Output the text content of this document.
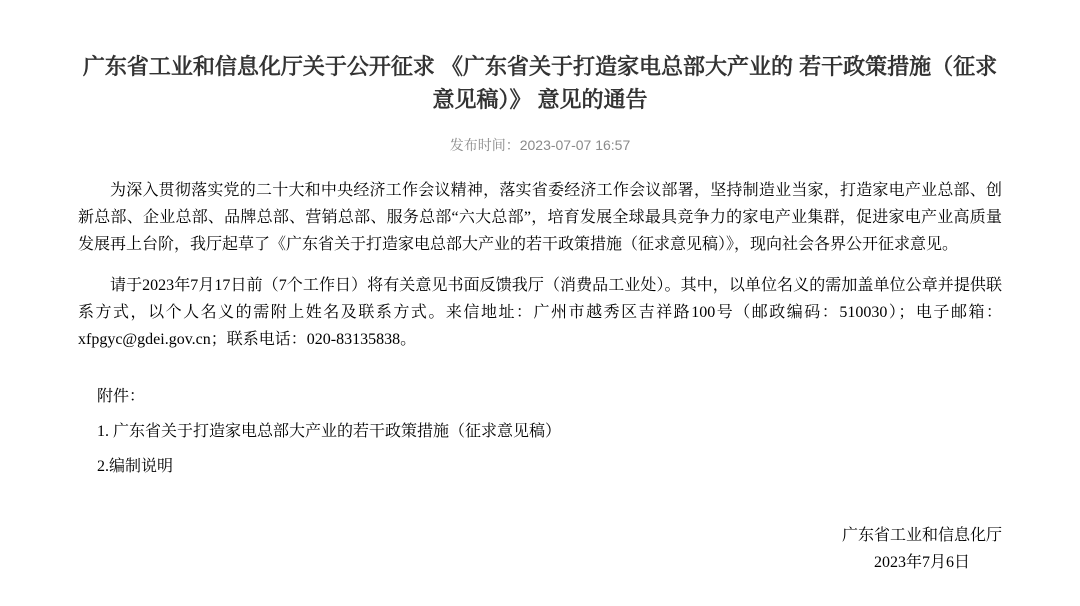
广东省工业和信息化厅关于公开征求 《广东省关于打造家电总部大产业的 若干政策措施（征求意见稿）》 意见的通告
发布时间：2023-07-07 16:57

为深入贯彻落实党的二十大和中央经济工作会议精神，落实省委经济工作会议部署，坚持制造业当家，打造家电产业总部、创新总部、企业总部、品牌总部、营销总部、服务总部“六大总部”，培育发展全球最具竞争力的家电产业集群，促进家电产业高质量发展再上台阶，我厅起草了《广东省关于打造家电总部大产业的若干政策措施（征求意见稿）》，现向社会各界公开征求意见。

请于2023年7月17日前（7个工作日）将有关意见书面反馈我厅（消费品工业处）。其中，以单位名义的需加盖单位公章并提供联系方式，以个人名义的需附上姓名及联系方式。来信地址：广州市越秀区吉祥路100号（邮政编码：510030）；电子邮箱：xfpgyc@gdei.gov.cn；联系电话：020-83135838。

附件：

1. 广东省关于打造家电总部大产业的若干政策措施（征求意见稿）

2.编制说明

广东省工业和信息化厅

2023年7月6日
